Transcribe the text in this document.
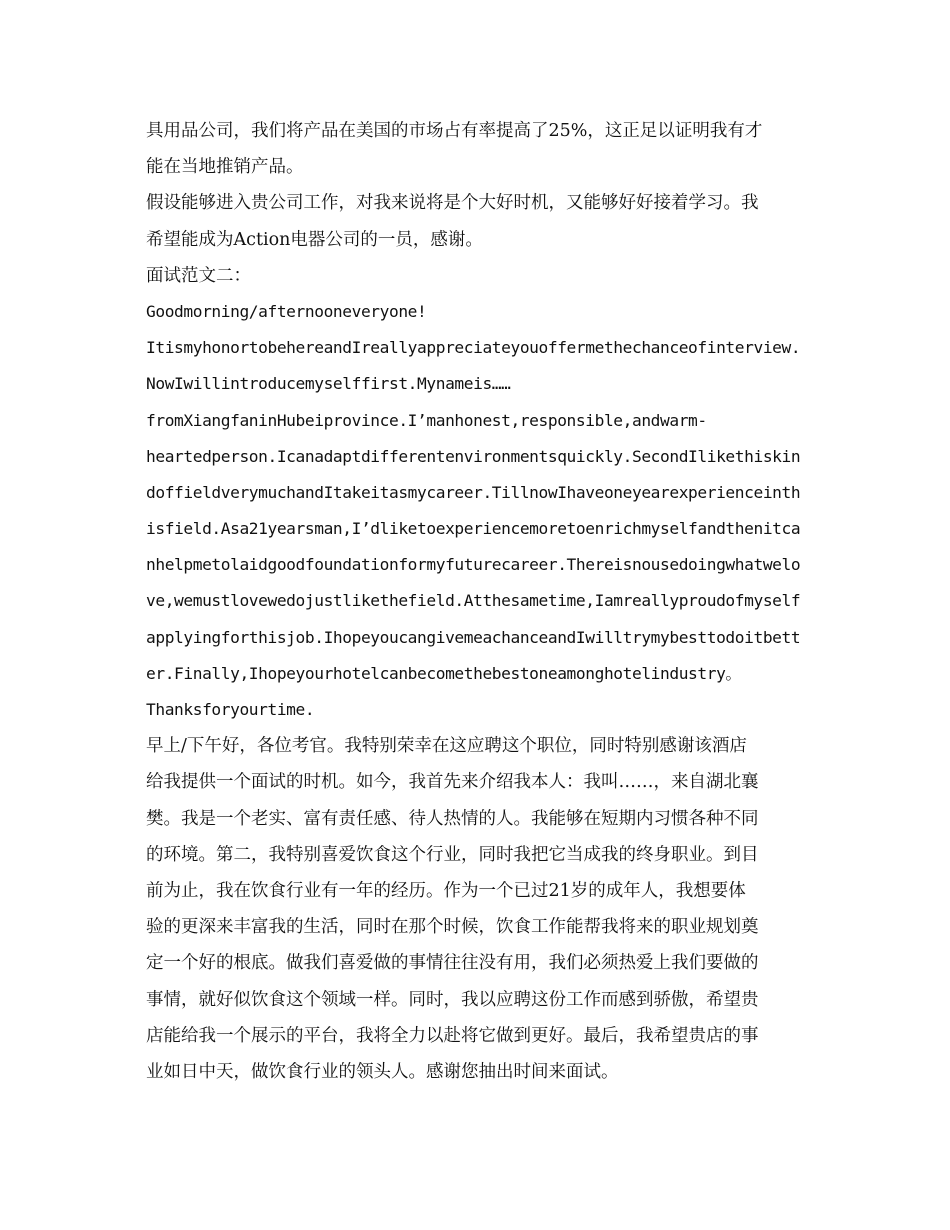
具用品公司，我们将产品在美国的市场占有率提高了25%，这正足以证明我有才
能在当地推销产品。
假设能够进入贵公司工作，对我来说将是个大好时机，又能够好好接着学习。我
希望能成为Action电器公司的一员，感谢。
面试范文二：
Goodmorning/afternooneveryone!
ItismyhonortobehereandIreallyappreciateyouoffermethechanceofinterview.
NowIwillintroducemyselffirst.Mynameis……
fromXiangfaninHubeiprovince.I’manhonest,responsible,andwarm-
heartedperson.Icanadaptdifferentenvironmentsquickly.SecondIlikethiskin
doffieldverymuchandItakeitasmycareer.TillnowIhaveoneyearexperienceinth
isfield.Asa21yearsman,I’dliketoexperiencemoretoenrichmyselfandthenitca
nhelpmetolaidgoodfoundationformyfuturecareer.Thereisnousedoingwhatwelo
ve,wemustlovewedojustlikethefield.Atthesametime,Iamreallyproudofmyself
applyingforthisjob.IhopeyoucangivemeachanceandIwilltrymybesttodoitbett
er.Finally,Ihopeyourhotelcanbecomethebestoneamonghotelindustry。
Thanksforyourtime.
早上/下午好，各位考官。我特别荣幸在这应聘这个职位，同时特别感谢该酒店
给我提供一个面试的时机。如今，我首先来介绍我本人：我叫……，来自湖北襄
樊。我是一个老实、富有责任感、待人热情的人。我能够在短期内习惯各种不同
的环境。第二，我特别喜爱饮食这个行业，同时我把它当成我的终身职业。到目
前为止，我在饮食行业有一年的经历。作为一个已过21岁的成年人，我想要体
验的更深来丰富我的生活，同时在那个时候，饮食工作能帮我将来的职业规划奠
定一个好的根底。做我们喜爱做的事情往往没有用，我们必须热爱上我们要做的
事情，就好似饮食这个领域一样。同时，我以应聘这份工作而感到骄傲，希望贵
店能给我一个展示的平台，我将全力以赴将它做到更好。最后，我希望贵店的事
业如日中天，做饮食行业的领头人。感谢您抽出时间来面试。
